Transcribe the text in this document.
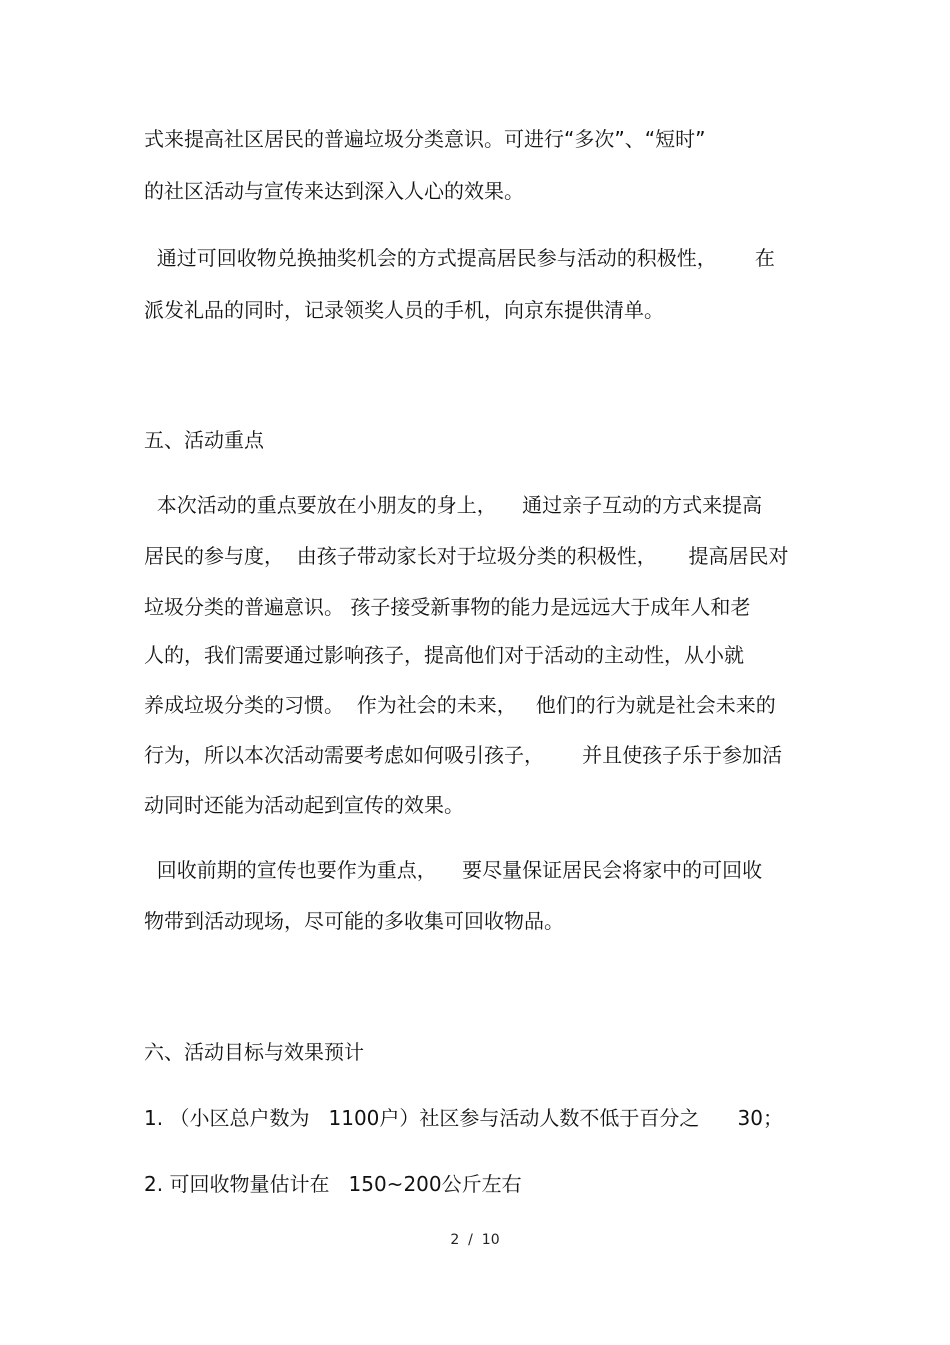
式来提高社区居民的普遍垃圾分类意识。可进行“多次”、“短时”
的社区活动与宣传来达到深入人心的效果。
通过可回收物兑换抽奖机会的方式提高居民参与活动的积极性，      在
派发礼品的同时，记录领奖人员的手机，向京东提供清单。
五、活动重点
本次活动的重点要放在小朋友的身上，    通过亲子互动的方式来提高
居民的参与度，  由孩子带动家长对于垃圾分类的积极性，     提高居民对
垃圾分类的普遍意识。 孩子接受新事物的能力是远远大于成年人和老
人的，我们需要通过影响孩子，提高他们对于活动的主动性，从小就
养成垃圾分类的习惯。  作为社会的未来，   他们的行为就是社会未来的
行为，所以本次活动需要考虑如何吸引孩子，      并且使孩子乐于参加活
动同时还能为活动起到宣传的效果。
回收前期的宣传也要作为重点，    要尽量保证居民会将家中的可回收
物带到活动现场，尽可能的多收集可回收物品。
六、活动目标与效果预计
1. （小区总户数为   1100户）社区参与活动人数不低于百分之      30；
2. 可回收物量估计在   150~200公斤左右
2  /  10
